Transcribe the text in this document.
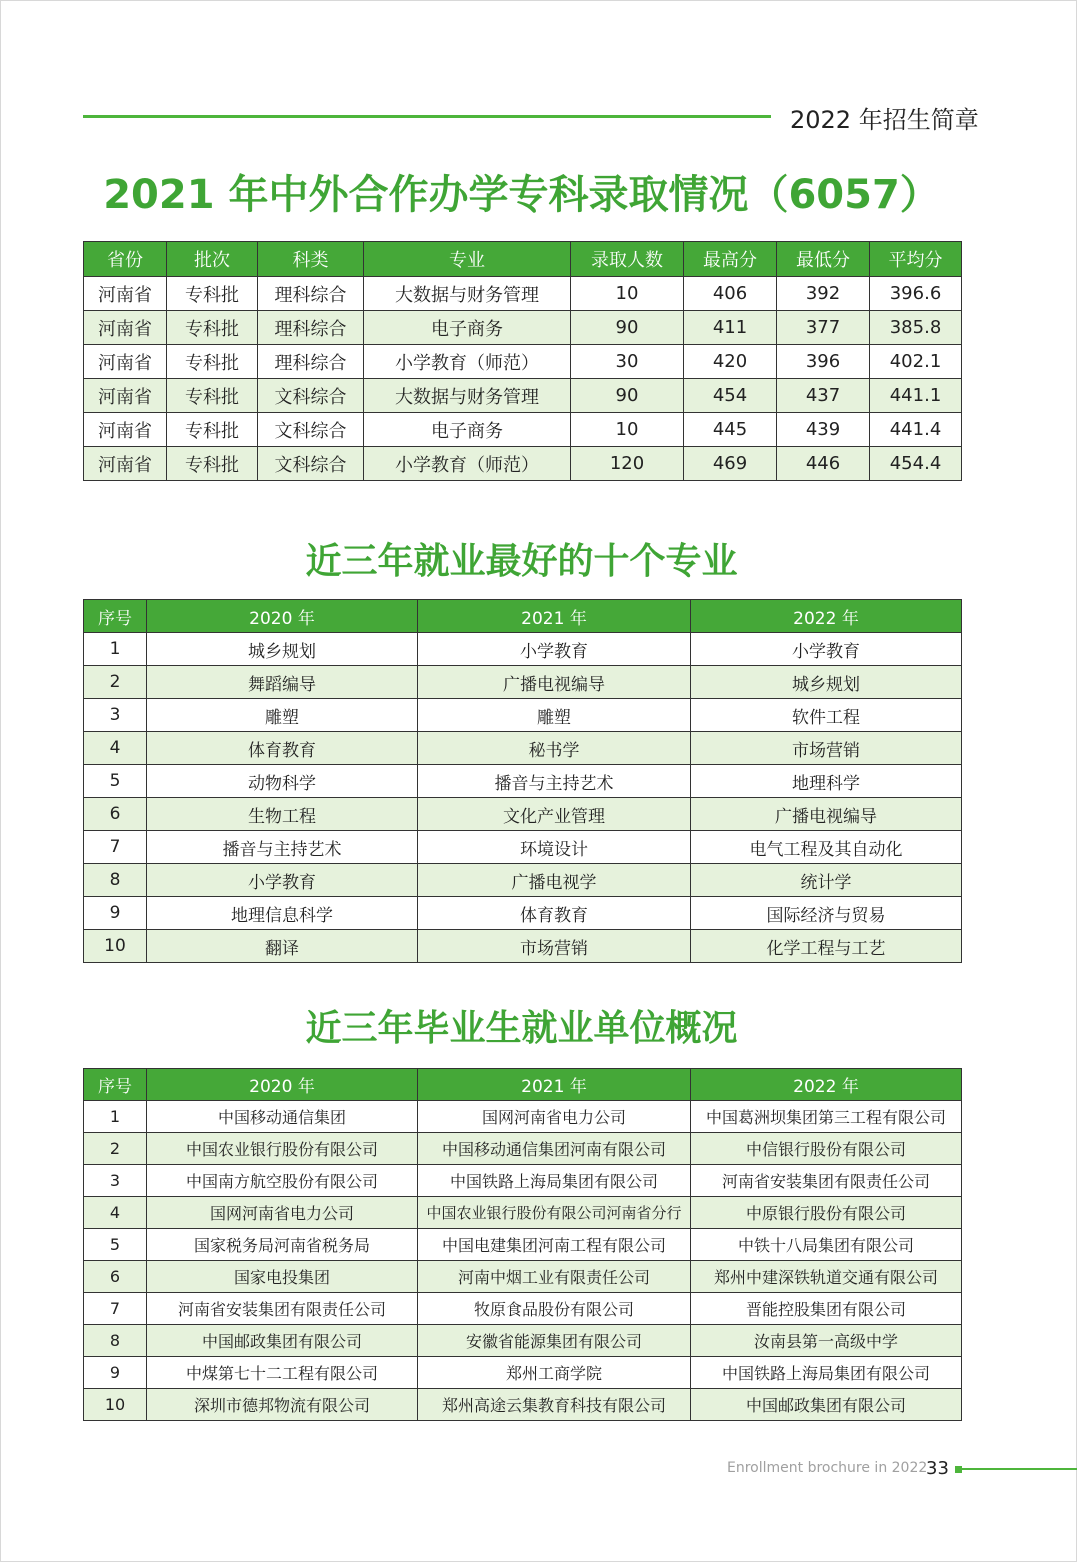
2022 年招生简章
2021 年中外合作办学专科录取情况（6057）
省份	批次	科类	专业	录取人数	最高分	最低分	平均分
河南省	专科批	理科综合	大数据与财务管理	10	406	392	396.6
河南省	专科批	理科综合	电子商务	90	411	377	385.8
河南省	专科批	理科综合	小学教育（师范）	30	420	396	402.1
河南省	专科批	文科综合	大数据与财务管理	90	454	437	441.1
河南省	专科批	文科综合	电子商务	10	445	439	441.4
河南省	专科批	文科综合	小学教育（师范）	120	469	446	454.4
近三年就业最好的十个专业
序号	2020 年	2021 年	2022 年
1	城乡规划	小学教育	小学教育
2	舞蹈编导	广播电视编导	城乡规划
3	雕塑	雕塑	软件工程
4	体育教育	秘书学	市场营销
5	动物科学	播音与主持艺术	地理科学
6	生物工程	文化产业管理	广播电视编导
7	播音与主持艺术	环境设计	电气工程及其自动化
8	小学教育	广播电视学	统计学
9	地理信息科学	体育教育	国际经济与贸易
10	翻译	市场营销	化学工程与工艺
近三年毕业生就业单位概况
序号	2020 年	2021 年	2022 年
1	中国移动通信集团	国网河南省电力公司	中国葛洲坝集团第三工程有限公司
2	中国农业银行股份有限公司	中国移动通信集团河南有限公司	中信银行股份有限公司
3	中国南方航空股份有限公司	中国铁路上海局集团有限公司	河南省安装集团有限责任公司
4	国网河南省电力公司	中国农业银行股份有限公司河南省分行	中原银行股份有限公司
5	国家税务局河南省税务局	中国电建集团河南工程有限公司	中铁十八局集团有限公司
6	国家电投集团	河南中烟工业有限责任公司	郑州中建深铁轨道交通有限公司
7	河南省安装集团有限责任公司	牧原食品股份有限公司	晋能控股集团有限公司
8	中国邮政集团有限公司	安徽省能源集团有限公司	汝南县第一高级中学
9	中煤第七十二工程有限公司	郑州工商学院	中国铁路上海局集团有限公司
10	深圳市德邦物流有限公司	郑州高途云集教育科技有限公司	中国邮政集团有限公司
Enrollment brochure in 2022
33
